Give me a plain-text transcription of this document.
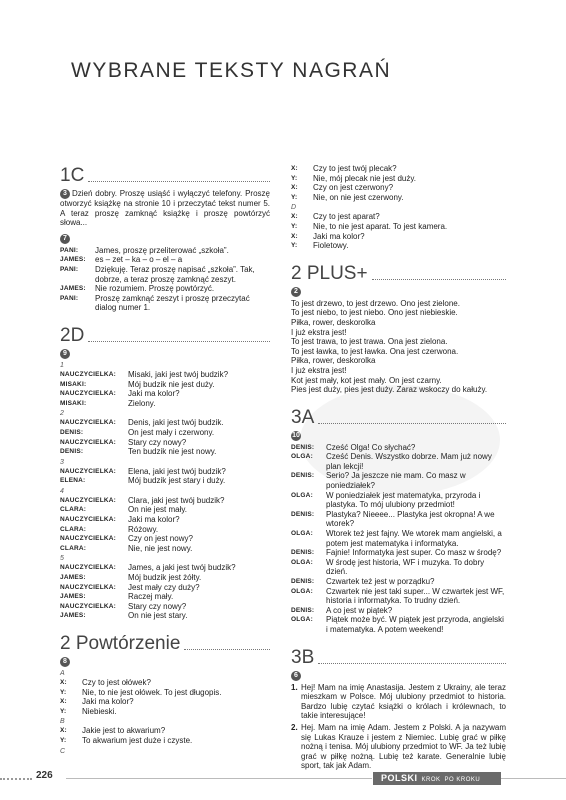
WYBRANE TEKSTY NAGRAŃ
1C
3 Dzień dobry. Proszę usiąść i wyłączyć telefony. Proszę otworzyć książkę na stronie 10 i przeczytać tekst numer 5. A teraz proszę zamknąć książkę i proszę powtórzyć słowa...
7
PANI:	James, proszę przeliterować „szkoła”.
JAMES:	es – zet – ka – o – el – a
PANI:	Dziękuję. Teraz proszę napisać „szkoła”. Tak, dobrze, a teraz proszę zamknąć zeszyt.
JAMES:	Nie rozumiem. Proszę powtórzyć.
PANI:	Proszę zamknąć zeszyt i proszę przeczytać dialog numer 1.
2D
9
1
NAUCZYCIELKA:	Misaki, jaki jest twój budzik?
MISAKI:	Mój budzik nie jest duży.
NAUCZYCIELKA:	Jaki ma kolor?
MISAKI:	Zielony.
2
NAUCZYCIELKA:	Denis, jaki jest twój budzik.
DENIS:	On jest mały i czerwony.
NAUCZYCIELKA:	Stary czy nowy?
DENIS:	Ten budzik nie jest nowy.
3
NAUCZYCIELKA:	Elena, jaki jest twój budzik?
ELENA:	Mój budzik jest stary i duży.
4
NAUCZYCIELKA:	Clara, jaki jest twój budzik?
CLARA:	On nie jest mały.
NAUCZYCIELKA:	Jaki ma kolor?
CLARA:	Różowy.
NAUCZYCIELKA:	Czy on jest nowy?
CLARA:	Nie, nie jest nowy.
5
NAUCZYCIELKA:	James, a jaki jest twój budzik?
JAMES:	Mój budzik jest żółty.
NAUCZYCIELKA:	Jest mały czy duży?
JAMES:	Raczej mały.
NAUCZYCIELKA:	Stary czy nowy?
JAMES:	On nie jest stary.
2 Powtórzenie
8
A
X:	Czy to jest ołówek?
Y:	Nie, to nie jest ołówek. To jest długopis.
X:	Jaki ma kolor?
Y:	Niebieski.
B
X:	Jakie jest to akwarium?
Y:	To akwarium jest duże i czyste.
C
X:	Czy to jest twój plecak?
Y:	Nie, mój plecak nie jest duży.
X:	Czy on jest czerwony?
Y:	Nie, on nie jest czerwony.
D
X:	Czy to jest aparat?
Y:	Nie, to nie jest aparat. To jest kamera.
X:	Jaki ma kolor?
Y:	Fioletowy.
2 PLUS+
2
To jest drzewo, to jest drzewo. Ono jest zielone.
To jest niebo, to jest niebo. Ono jest niebieskie.
Piłka, rower, deskorolka
I już ekstra jest!
To jest trawa, to jest trawa. Ona jest zielona.
To jest ławka, to jest ławka. Ona jest czerwona.
Piłka, rower, deskorolka
I już ekstra jest!
Kot jest mały, kot jest mały. On jest czarny.
Pies jest duży, pies jest duży. Zaraz wskoczy do kałuży.
3A
10
DENIS:	Cześć Olga! Co słychać?
OLGA:	Cześć Denis. Wszystko dobrze. Mam już nowy plan lekcji!
DENIS:	Serio? Ja jeszcze nie mam. Co masz w poniedziałek?
OLGA:	W poniedziałek jest matematyka, przyroda i plastyka. To mój ulubiony przedmiot!
DENIS:	Plastyka? Nieeee... Plastyka jest okropna! A we wtorek?
OLGA:	Wtorek też jest fajny. We wtorek mam angielski, a potem jest matematyka i informatyka.
DENIS:	Fajnie! Informatyka jest super. Co masz w środę?
OLGA:	W środę jest historia, WF i muzyka. To dobry dzień.
DENIS:	Czwartek też jest w porządku?
OLGA:	Czwartek nie jest taki super... W czwartek jest WF, historia i informatyka. To trudny dzień.
DENIS:	A co jest w piątek?
OLGA:	Piątek może być. W piątek jest przyroda, angielski i matematyka. A potem weekend!
3B
6
1. Hej! Mam na imię Anastasija. Jestem z Ukrainy, ale teraz mieszkam w Polsce. Mój ulubiony przedmiot to historia. Bardzo lubię czytać książki o królach i królewnach, to takie interesujące!
2. Hej. Mam na imię Adam. Jestem z Polski. A ja nazywam się Lukas Krauze i jestem z Niemiec. Lubię grać w piłkę nożną i tenisa. Mój ulubiony przedmiot to WF. Ja też lubię grać w piłkę nożną. Lubię też karate. Generalnie lubię sport, tak jak Adam.
226	POLSKI KROK PO KROKU
